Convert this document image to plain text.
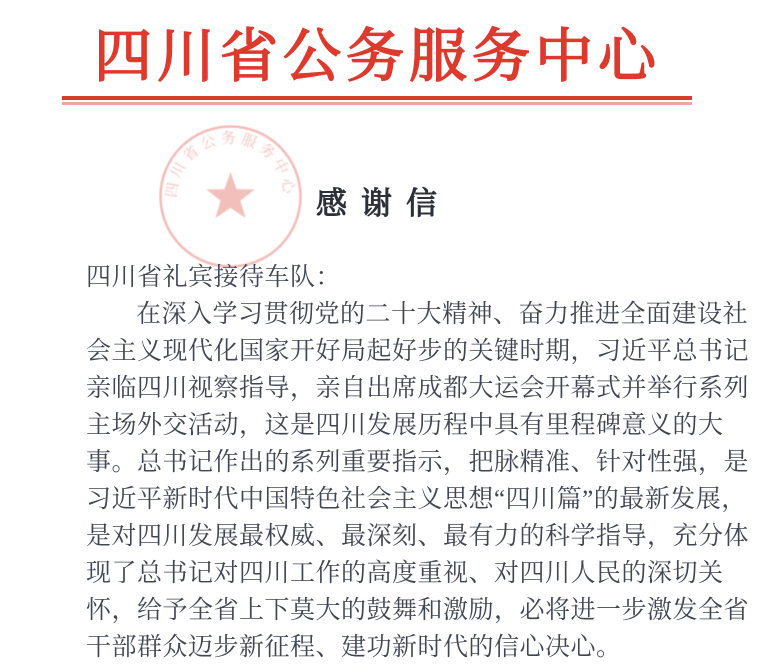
四川省公务服务中心
四川省公务服务中心 感谢信
四川省礼宾接待车队：
在深入学习贯彻党的二十大精神、奋力推进全面建设社
会主义现代化国家开好局起好步的关键时期，习近平总书记
亲临四川视察指导，亲自出席成都大运会开幕式并举行系列
主场外交活动，这是四川发展历程中具有里程碑意义的大
事。总书记作出的系列重要指示，把脉精准、针对性强，是
习近平新时代中国特色社会主义思想“四川篇”的最新发展，
是对四川发展最权威、最深刻、最有力的科学指导，充分体
现了总书记对四川工作的高度重视、对四川人民的深切关
怀，给予全省上下莫大的鼓舞和激励，必将进一步激发全省
干部群众迈步新征程、建功新时代的信心决心。
